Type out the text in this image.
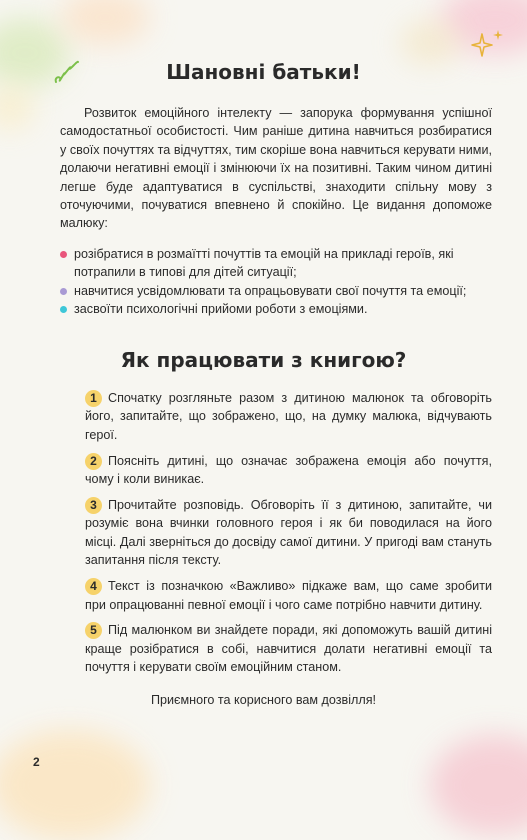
Шановні батьки!

Розвиток емоційного інтелекту — запорука формування успішної самодостатньої особистості. Чим раніше дитина навчиться розбиратися у своїх почуттях та відчуттях, тим скоріше вона навчиться керувати ними, долаючи негативні емоції і змінюючи їх на позитивні. Таким чином дитині легше буде адаптуватися в суспільстві, знаходити спільну мову з оточуючими, почуватися впевнено й спокійно. Це видання допоможе малюку:

розібратися в розмаїтті почуттів та емоцій на прикладі героїв, які потрапили в типові для дітей ситуації;
навчитися усвідомлювати та опрацьовувати свої почуття та емоції;
засвоїти психологічні прийоми роботи з емоціями.
Як працювати з книгою?
1 Спочатку розгляньте разом з дитиною малюнок та обговоріть його, запитайте, що зображено, що, на думку малюка, відчувають герої.
2 Поясніть дитині, що означає зображена емоція або почуття, чому і коли виникає.
3 Прочитайте розповідь. Обговоріть її з дитиною, запитайте, чи розуміє вона вчинки головного героя і як би поводилася на його місці. Далі зверніться до досвіду самої дитини. У пригоді вам стануть запитання після тексту.
4 Текст із позначкою «Важливо» підкаже вам, що саме зробити при опрацюванні певної емоції і чого саме потрібно навчити дитину.
5 Під малюнком ви знайдете поради, які допоможуть вашій дитині краще розібратися в собі, навчитися долати негативні емоції та почуття і керувати своїм емоційним станом.

Приємного та корисного вам дозвілля!

2
